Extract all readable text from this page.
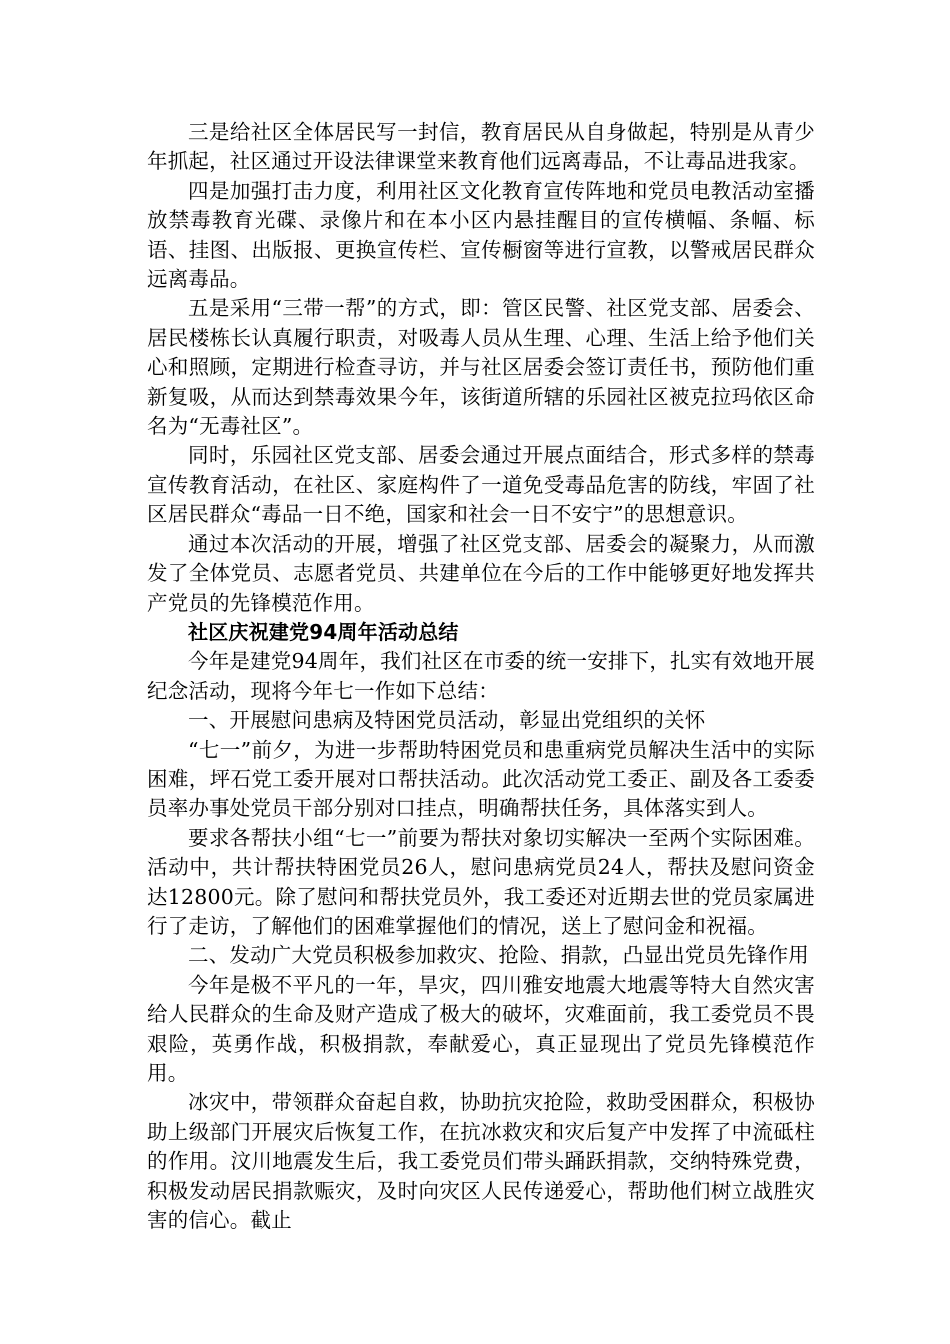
三是给社区全体居民写一封信，教育居民从自身做起，特别是从青少年抓起，社区通过开设法律课堂来教育他们远离毒品，不让毒品进我家。

四是加强打击力度，利用社区文化教育宣传阵地和党员电教活动室播放禁毒教育光碟、录像片和在本小区内悬挂醒目的宣传横幅、条幅、标语、挂图、出版报、更换宣传栏、宣传橱窗等进行宣教，以警戒居民群众远离毒品。

五是采用“三带一帮”的方式，即：管区民警、社区党支部、居委会、居民楼栋长认真履行职责，对吸毒人员从生理、心理、生活上给予他们关心和照顾，定期进行检查寻访，并与社区居委会签订责任书，预防他们重新复吸，从而达到禁毒效果今年，该街道所辖的乐园社区被克拉玛依区命名为“无毒社区”。

同时，乐园社区党支部、居委会通过开展点面结合，形式多样的禁毒宣传教育活动，在社区、家庭构件了一道免受毒品危害的防线，牢固了社区居民群众“毒品一日不绝，国家和社会一日不安宁”的思想意识。

通过本次活动的开展，增强了社区党支部、居委会的凝聚力，从而激发了全体党员、志愿者党员、共建单位在今后的工作中能够更好地发挥共 产党员的先锋模范作用。

社区庆祝建党94周年活动总结

今年是建党94周年，我们社区在市委的统一安排下，扎实有效地开展纪念活动，现将今年七一作如下总结：

一、开展慰问患病及特困党员活动，彰显出党组织的关怀

“七一”前夕，为进一步帮助特困党员和患重病党员解决生活中的实际困难，坪石党工委开展对口帮扶活动。此次活动党工委正、副及各工委委员率办事处党员干部分别对口挂点，明确帮扶任务，具体落实到人。

要求各帮扶小组“七一”前要为帮扶对象切实解决一至两个实际困难。活动中，共计帮扶特困党员26人，慰问患病党员24人，帮扶及慰问资金达12800元。除了慰问和帮扶党员外，我工委还对近期去世的党员家属进行了走访，了解他们的困难掌握他们的情况，送上了慰问金和祝福。

二、发动广大党员积极参加救灾、抢险、捐款，凸显出党员先锋作用

今年是极不平凡的一年，旱灾，四川雅安地震大地震等特大自然灾害给人民群众的生命及财产造成了极大的破坏，灾难面前，我工委党员不畏艰险，英勇作战，积极捐款，奉献爱心，真正显现出了党员先锋模范作用。

冰灾中，带领群众奋起自救，协助抗灾抢险，救助受困群众，积极协助上级部门开展灾后恢复工作，在抗冰救灾和灾后复产中发挥了中流砥柱的作用。汶川地震发生后，我工委党员们带头踊跃捐款，交纳特殊党费，积极发动居民捐款赈灾，及时向灾区人民传递爱心，帮助他们树立战胜灾害的信心。截止
